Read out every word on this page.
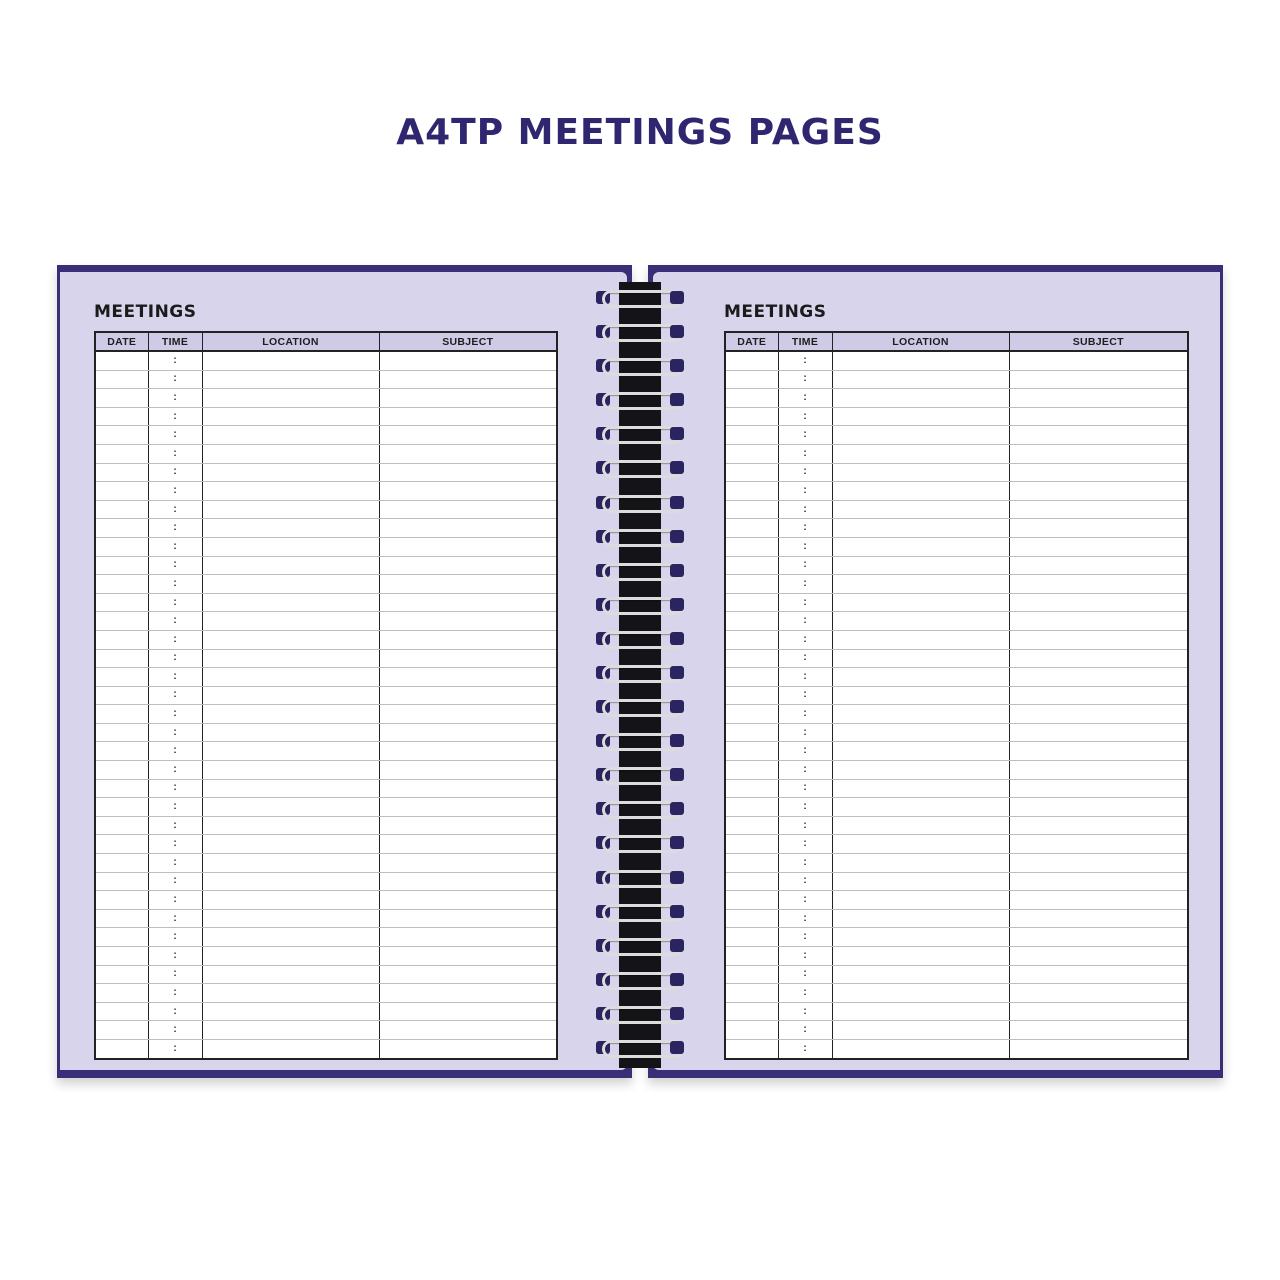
A4TP MEETINGS PAGES
MEETINGS
DATE	TIME	LOCATION	SUBJECT
	:		
	:		
	:		
	:		
	:		
	:		
	:		
	:		
	:		
	:		
	:		
	:		
	:		
	:		
	:		
	:		
	:		
	:		
	:		
	:		
	:		
	:		
	:		
	:		
	:		
	:		
	:		
	:		
	:		
	:		
	:		
	:		
	:		
	:		
	:		
	:		
	:		
	:		
MEETINGS
DATE	TIME	LOCATION	SUBJECT
	:		
	:		
	:		
	:		
	:		
	:		
	:		
	:		
	:		
	:		
	:		
	:		
	:		
	:		
	:		
	:		
	:		
	:		
	:		
	:		
	:		
	:		
	:		
	:		
	:		
	:		
	:		
	:		
	:		
	:		
	:		
	:		
	:		
	:		
	:		
	:		
	:		
	:		
